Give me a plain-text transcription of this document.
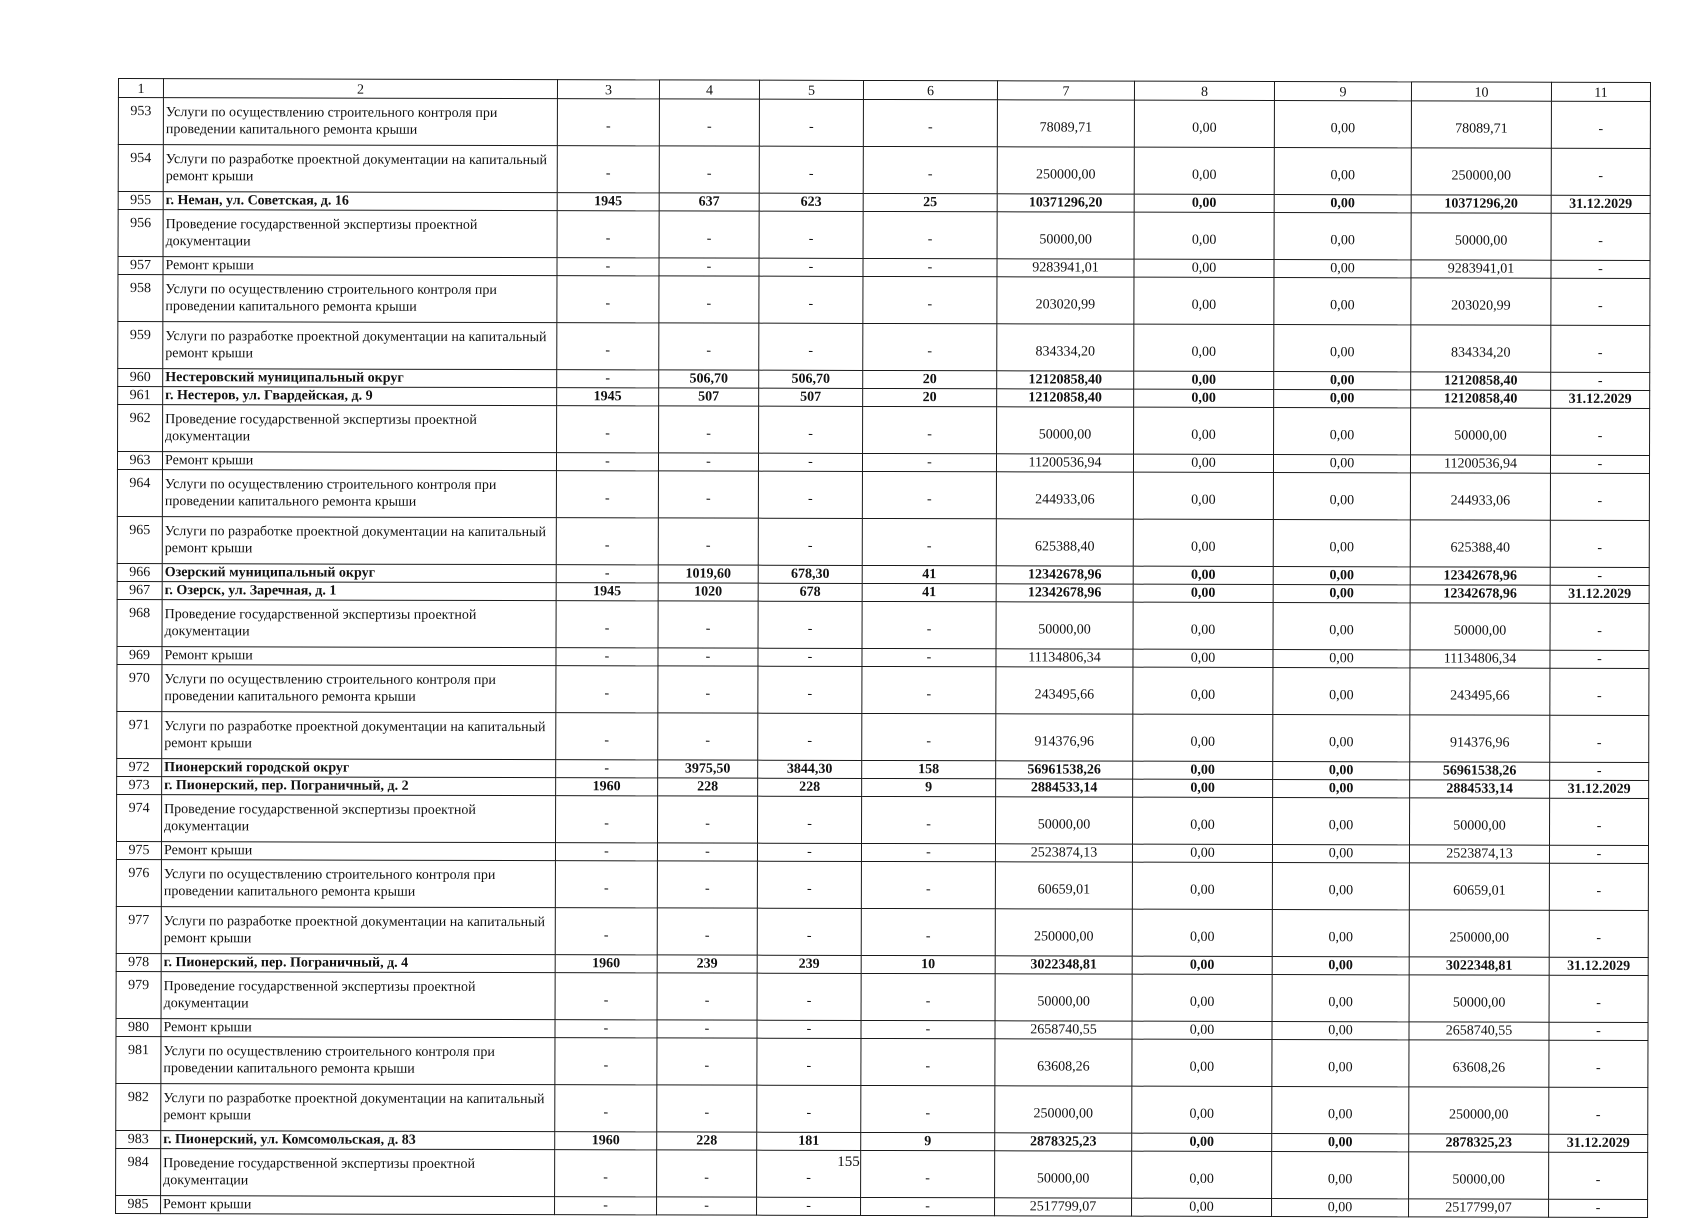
1	2	3	4	5	6	7	8	9	10	11
953	Услуги по осуществлению строительного контроля при проведении капитального ремонта крыши	-	-	-	-	78089,71	0,00	0,00	78089,71	-
954	Услуги по разработке проектной документации на капитальный ремонт крыши	-	-	-	-	250000,00	0,00	0,00	250000,00	-
955	г. Неман, ул. Советская, д. 16	1945	637	623	25	10371296,20	0,00	0,00	10371296,20	31.12.2029
956	Проведение государственной экспертизы проектной документации	-	-	-	-	50000,00	0,00	0,00	50000,00	-
957	Ремонт крыши	-	-	-	-	9283941,01	0,00	0,00	9283941,01	-
958	Услуги по осуществлению строительного контроля при проведении капитального ремонта крыши	-	-	-	-	203020,99	0,00	0,00	203020,99	-
959	Услуги по разработке проектной документации на капитальный ремонт крыши	-	-	-	-	834334,20	0,00	0,00	834334,20	-
960	Нестеровский муниципальный округ	-	506,70	506,70	20	12120858,40	0,00	0,00	12120858,40	-
961	г. Нестеров, ул. Гвардейская, д. 9	1945	507	507	20	12120858,40	0,00	0,00	12120858,40	31.12.2029
962	Проведение государственной экспертизы проектной документации	-	-	-	-	50000,00	0,00	0,00	50000,00	-
963	Ремонт крыши	-	-	-	-	11200536,94	0,00	0,00	11200536,94	-
964	Услуги по осуществлению строительного контроля при проведении капитального ремонта крыши	-	-	-	-	244933,06	0,00	0,00	244933,06	-
965	Услуги по разработке проектной документации на капитальный ремонт крыши	-	-	-	-	625388,40	0,00	0,00	625388,40	-
966	Озерский муниципальный округ	-	1019,60	678,30	41	12342678,96	0,00	0,00	12342678,96	-
967	г. Озерск, ул. Заречная, д. 1	1945	1020	678	41	12342678,96	0,00	0,00	12342678,96	31.12.2029
968	Проведение государственной экспертизы проектной документации	-	-	-	-	50000,00	0,00	0,00	50000,00	-
969	Ремонт крыши	-	-	-	-	11134806,34	0,00	0,00	11134806,34	-
970	Услуги по осуществлению строительного контроля при проведении капитального ремонта крыши	-	-	-	-	243495,66	0,00	0,00	243495,66	-
971	Услуги по разработке проектной документации на капитальный ремонт крыши	-	-	-	-	914376,96	0,00	0,00	914376,96	-
972	Пионерский городской округ	-	3975,50	3844,30	158	56961538,26	0,00	0,00	56961538,26	-
973	г. Пионерский, пер. Пограничный, д. 2	1960	228	228	9	2884533,14	0,00	0,00	2884533,14	31.12.2029
974	Проведение государственной экспертизы проектной документации	-	-	-	-	50000,00	0,00	0,00	50000,00	-
975	Ремонт крыши	-	-	-	-	2523874,13	0,00	0,00	2523874,13	-
976	Услуги по осуществлению строительного контроля при проведении капитального ремонта крыши	-	-	-	-	60659,01	0,00	0,00	60659,01	-
977	Услуги по разработке проектной документации на капитальный ремонт крыши	-	-	-	-	250000,00	0,00	0,00	250000,00	-
978	г. Пионерский, пер. Пограничный, д. 4	1960	239	239	10	3022348,81	0,00	0,00	3022348,81	31.12.2029
979	Проведение государственной экспертизы проектной документации	-	-	-	-	50000,00	0,00	0,00	50000,00	-
980	Ремонт крыши	-	-	-	-	2658740,55	0,00	0,00	2658740,55	-
981	Услуги по осуществлению строительного контроля при проведении капитального ремонта крыши	-	-	-	-	63608,26	0,00	0,00	63608,26	-
982	Услуги по разработке проектной документации на капитальный ремонт крыши	-	-	-	-	250000,00	0,00	0,00	250000,00	-
983	г. Пионерский, ул. Комсомольская, д. 83	1960	228	181	9	2878325,23	0,00	0,00	2878325,23	31.12.2029
984	Проведение государственной экспертизы проектной документации	-	-	-	-	50000,00	0,00	0,00	50000,00	-
985	Ремонт крыши	-	-	-	-	2517799,07	0,00	0,00	2517799,07	-
155
